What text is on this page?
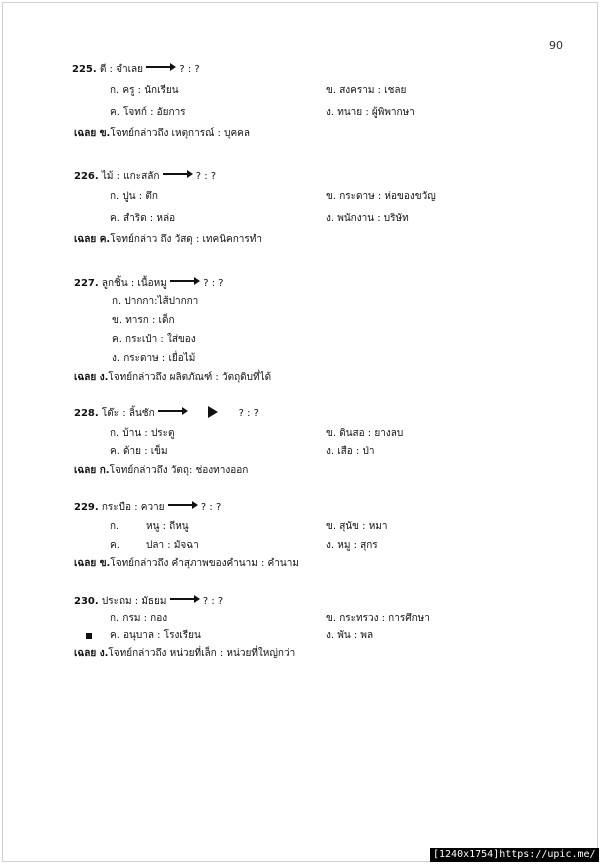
90
225. ตี : จำเลย	? : ?
ก. ครู : นักเรียน	ข. สงคราม : เชลย
ค. โจทก์ : อัยการ	ง. ทนาย : ผู้พิพากษา
เฉลย ข.โจทย์กล่าวถึง เหตุการณ์ : บุคคล
226. ไม้ : แกะสลัก	? : ?
ก. ปูน : ตึก	ข. กระดาษ : ห่อของขวัญ
ค. สำริด : หล่อ	ง. พนักงาน : บริษัท
เฉลย ค.โจทย์กล่าว ถึง วัสดุ : เทคนิคการทำ
227. ลูกชิ้น : เนื้อหมู	? : ?
ก. ปากกา:ไส้ปากกา
ข. ทารก : เด็ก
ค. กระเป๋า : ใส่ของ
ง. กระดาษ : เยื่อไม้
เฉลย ง.โจทย์กล่าวถึง ผลิตภัณฑ์ : วัตถุดิบที่ได้
228. โต๊ะ : ลิ้นชัก	? : ?
ก. บ้าน : ประตู	ข. ดินสอ : ยางลบ
ค. ด้าย : เข็ม	ง. เสือ : ป่า
เฉลย ก.โจทย์กล่าวถึง วัตถุ: ช่องทางออก
229. กระบือ : ควาย	? : ?
ก.	หนู : ถีหนู	ข. สุนัข : หมา
ค.	ปลา : มัจฉา	ง. หมู : สุกร
เฉลย ข.โจทย์กล่าวถึง คำสุภาพของคำนาม : คำนาม
230. ประถม : มัธยม	? : ?
ก. กรม : กอง	ข. กระทรวง : การศึกษา
ค. อนุบาล : โรงเรียน	ง. พัน : พล
เฉลย ง.โจทย์กล่าวถึง หน่วยที่เล็ก : หน่วยที่ใหญ่กว่า
[1240x1754]https://upic.me/
